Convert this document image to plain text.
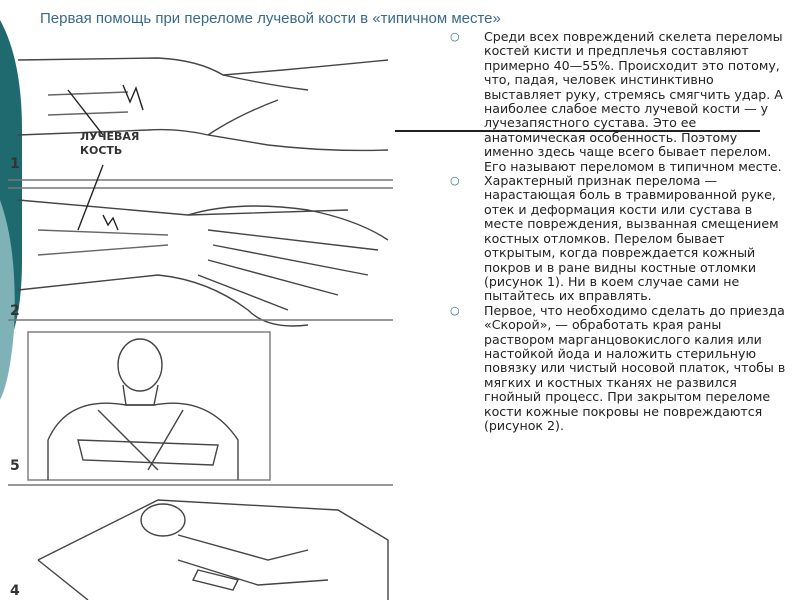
Первая помощь при переломе лучевой кости в «типичном месте»
ЛУЧЕВАЯ КОСТЬ
1
2
5
4
○ Среди всех повреждений скелета переломы костей кисти и предплечья составляют примерно 40—55%. Происходит это потому, что, падая, человек инстинктивно выставляет руку, стремясь смягчить удар. А наиболее слабое место лучевой кости — у лучезапястного сустава. Это ее анатомическая особенность. Поэтому именно здесь чаще всего бывает перелом. Его называют переломом в типичном месте.
○ Характерный признак перелома — нарастающая боль в травмированной руке, отек и деформация кости или сустава в месте повреждения, вызванная смещением костных отломков. Перелом бывает открытым, когда повреждается кожный покров и в ране видны костные отломки (рисунок 1). Ни в коем случае сами не пытайтесь их вправлять.
○ Первое, что необходимо сделать до приезда «Скорой», — обработать края раны раствором марганцовокислого калия или настойкой йода и наложить стерильную повязку или чистый носовой платок, чтобы в мягких и костных тканях не развился гнойный процесс. При закрытом переломе кости кожные покровы не повреждаются (рисунок 2).
